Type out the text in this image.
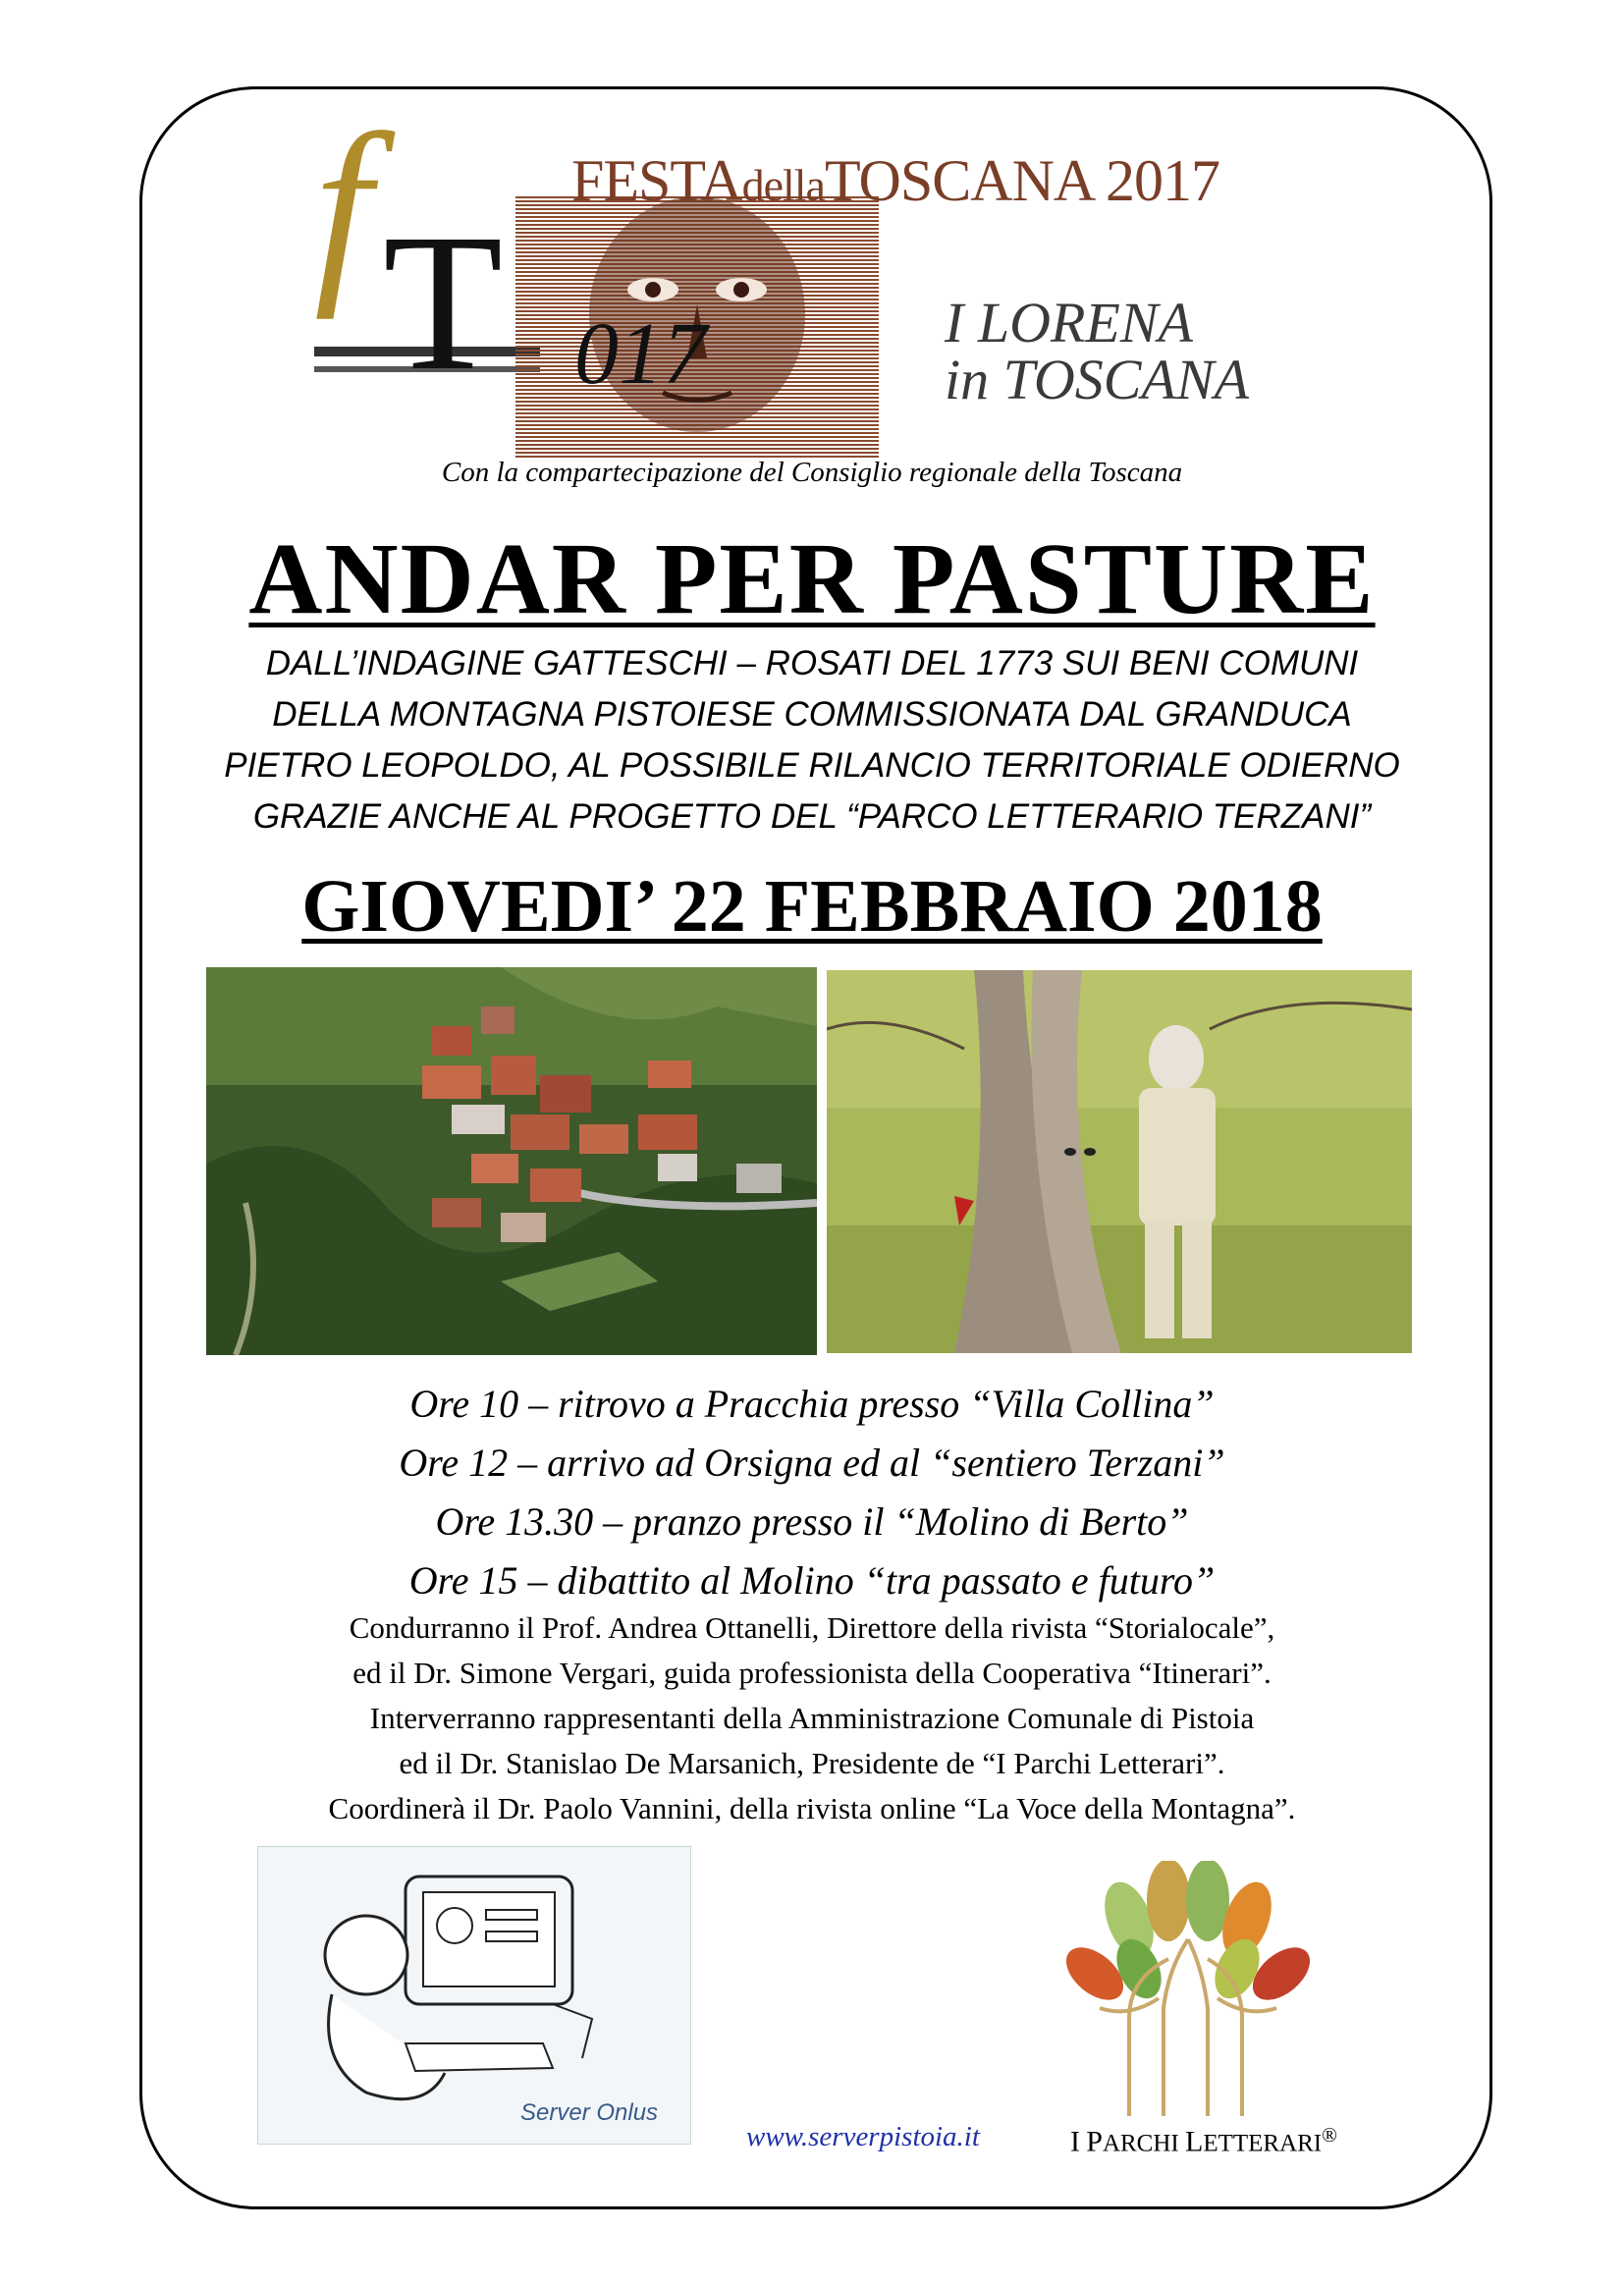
f T 017
FESTAdellaTOSCANA 2017
I LORENA
in TOSCANA
Con la compartecipazione del Consiglio regionale della Toscana
ANDAR PER PASTURE
DALL’INDAGINE GATTESCHI – ROSATI DEL 1773 SUI BENI COMUNI
DELLA MONTAGNA PISTOIESE COMMISSIONATA DAL GRANDUCA
PIETRO LEOPOLDO, AL POSSIBILE RILANCIO TERRITORIALE ODIERNO
GRAZIE ANCHE AL PROGETTO DEL “PARCO LETTERARIO TERZANI”
GIOVEDI’ 22 FEBBRAIO 2018
Ore 10 – ritrovo a Pracchia presso “Villa Collina”
Ore 12 – arrivo ad Orsigna ed al “sentiero Terzani”
Ore 13.30 – pranzo presso il “Molino di Berto”
Ore 15 – dibattito al Molino “tra passato e futuro”
Condurranno il Prof. Andrea Ottanelli, Direttore della rivista “Storialocale”,
ed il Dr. Simone Vergari, guida professionista della Cooperativa “Itinerari”.
Interverranno rappresentanti della Amministrazione Comunale di Pistoia
ed il Dr. Stanislao De Marsanich, Presidente de “I Parchi Letterari”.
Coordinerà il Dr. Paolo Vannini, della rivista online “La Voce della Montagna”.
Server Onlus
www.serverpistoia.it	I PARCHI LETTERARI®
